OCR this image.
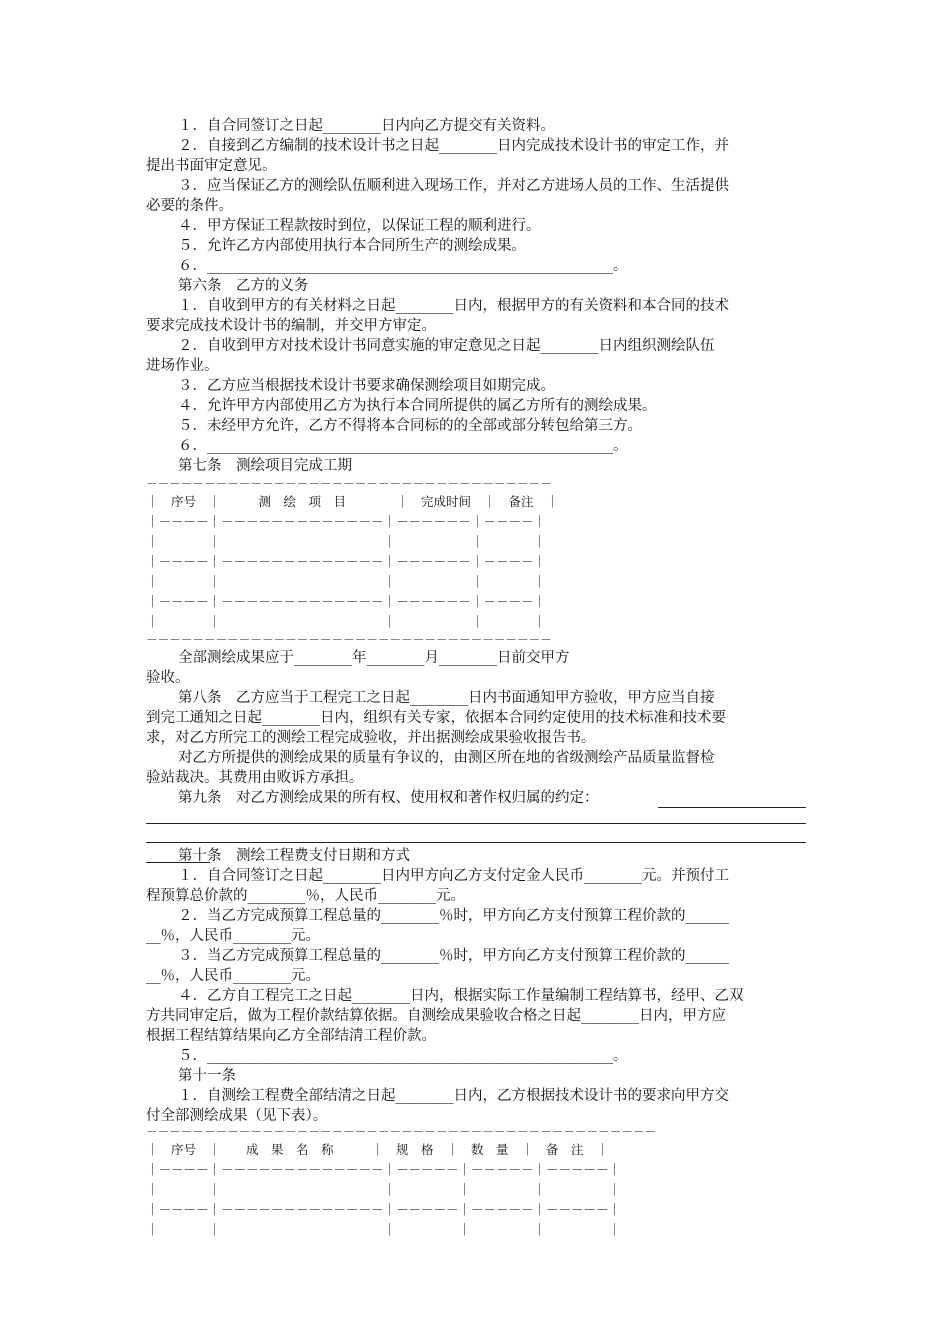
１．自合同签订之日起________日内向乙方提交有关资料。
２．自接到乙方编制的技术设计书之日起________日内完成技术设计书的审定工作，并
提出书面审定意见。
３．应当保证乙方的测绘队伍顺利进入现场工作，并对乙方进场人员的工作、生活提供
必要的条件。
４．甲方保证工程款按时到位，以保证工程的顺利进行。
５．允许乙方内部使用执行本合同所生产的测绘成果。
６．________________________________________________________。
第六条　乙方的义务
１．自收到甲方的有关材料之日起________日内，根据甲方的有关资料和本合同的技术
要求完成技术设计书的编制，并交甲方审定。
２．自收到甲方对技术设计书同意实施的审定意见之日起________日内组织测绘队伍
进场作业。
３．乙方应当根据技术设计书要求确保测绘项目如期完成。
４．允许甲方内部使用乙方为执行本合同所提供的属乙方所有的测绘成果。
５．未经甲方允许，乙方不得将本合同标的的全部或部分转包给第三方。
６．________________________________________________________。
第七条　测绘项目完成工期
－－－－－－－－－－－－－－－－－－－－－－－－－－－－－－－－－－－
｜　序号　｜　　　测　绘　项　目　　　　｜　完成时间　｜　备注　｜
｜－－－－｜－－－－－－－－－－－－－｜－－－－－－｜－－－－｜
｜　　　　｜　　　　　　　　　　　　　｜　　　　　　｜　　　　｜
｜－－－－｜－－－－－－－－－－－－－｜－－－－－－｜－－－－｜
｜　　　　｜　　　　　　　　　　　　　｜　　　　　　｜　　　　｜
｜－－－－｜－－－－－－－－－－－－－｜－－－－－－｜－－－－｜
｜　　　　｜　　　　　　　　　　　　　｜　　　　　　｜　　　　｜
－－－－－－－－－－－－－－－－－－－－－－－－－－－－－－－－－－－
全部测绘成果应于________年________月________日前交甲方
验收。
第八条　乙方应当于工程完工之日起________日内书面通知甲方验收，甲方应当自接
到完工通知之日起________日内，组织有关专家，依据本合同约定使用的技术标准和技术要
求，对乙方所完工的测绘工程完成验收，并出据测绘成果验收报告书。
对乙方所提供的测绘成果的质量有争议的，由测区所在地的省级测绘产品质量监督检
验站裁决。其费用由败诉方承担。
第九条　对乙方测绘成果的所有权、使用权和著作权归属的约定：
第十条　测绘工程费支付日期和方式
１．自合同签订之日起________日内甲方向乙方支付定金人民币________元。并预付工
程预算总价款的________％，人民币________元。
２．当乙方完成预算工程总量的________％时，甲方向乙方支付预算工程价款的______
__％，人民币________元。
３．当乙方完成预算工程总量的________％时，甲方向乙方支付预算工程价款的______
__％，人民币________元。
４．乙方自工程完工之日起________日内，根据实际工作量编制工程结算书，经甲、乙双
方共同审定后，做为工程价款结算依据。自测绘成果验收合格之日起________日内，甲方应
根据工程结算结果向乙方全部结清工程价款。
５．________________________________________________________。
第十一条
１．自测绘工程费全部结清之日起________日内，乙方根据技术设计书的要求向甲方交
付全部测绘成果（见下表）。
－－－－－－－－－－－－－－－－－－－－－－－－－－－－－－－－－－－－－－－－－－－－
｜　序号　｜　　成　果　名　称　　　｜　规　格　｜　数　量　｜　备　注　｜
｜－－－－｜－－－－－－－－－－－－－｜－－－－－｜－－－－－｜－－－－－｜
｜　　　　｜　　　　　　　　　　　　　｜　　　　　｜　　　　　｜　　　　　｜
｜－－－－｜－－－－－－－－－－－－－｜－－－－－｜－－－－－｜－－－－－｜
｜　　　　｜　　　　　　　　　　　　　｜　　　　　｜　　　　　｜　　　　　｜
